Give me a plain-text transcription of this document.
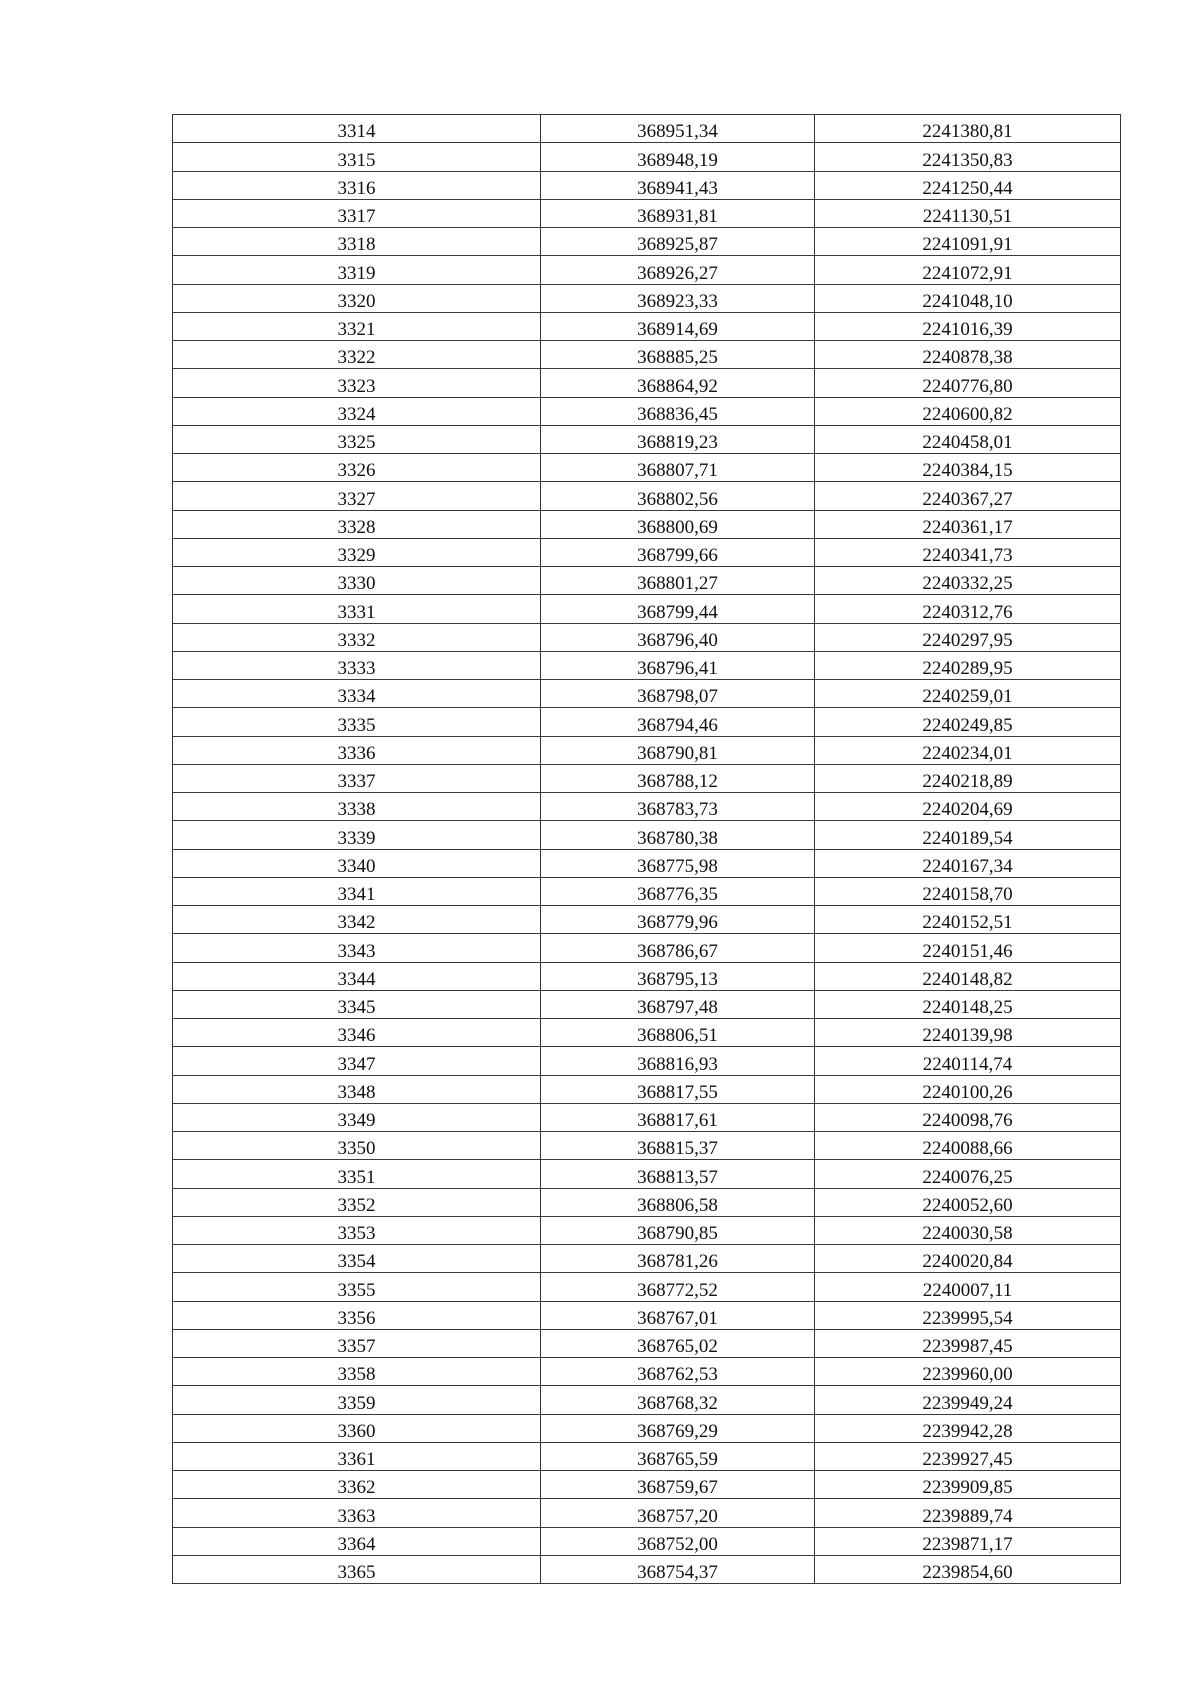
3314	368951,34	2241380,81
3315	368948,19	2241350,83
3316	368941,43	2241250,44
3317	368931,81	2241130,51
3318	368925,87	2241091,91
3319	368926,27	2241072,91
3320	368923,33	2241048,10
3321	368914,69	2241016,39
3322	368885,25	2240878,38
3323	368864,92	2240776,80
3324	368836,45	2240600,82
3325	368819,23	2240458,01
3326	368807,71	2240384,15
3327	368802,56	2240367,27
3328	368800,69	2240361,17
3329	368799,66	2240341,73
3330	368801,27	2240332,25
3331	368799,44	2240312,76
3332	368796,40	2240297,95
3333	368796,41	2240289,95
3334	368798,07	2240259,01
3335	368794,46	2240249,85
3336	368790,81	2240234,01
3337	368788,12	2240218,89
3338	368783,73	2240204,69
3339	368780,38	2240189,54
3340	368775,98	2240167,34
3341	368776,35	2240158,70
3342	368779,96	2240152,51
3343	368786,67	2240151,46
3344	368795,13	2240148,82
3345	368797,48	2240148,25
3346	368806,51	2240139,98
3347	368816,93	2240114,74
3348	368817,55	2240100,26
3349	368817,61	2240098,76
3350	368815,37	2240088,66
3351	368813,57	2240076,25
3352	368806,58	2240052,60
3353	368790,85	2240030,58
3354	368781,26	2240020,84
3355	368772,52	2240007,11
3356	368767,01	2239995,54
3357	368765,02	2239987,45
3358	368762,53	2239960,00
3359	368768,32	2239949,24
3360	368769,29	2239942,28
3361	368765,59	2239927,45
3362	368759,67	2239909,85
3363	368757,20	2239889,74
3364	368752,00	2239871,17
3365	368754,37	2239854,60
